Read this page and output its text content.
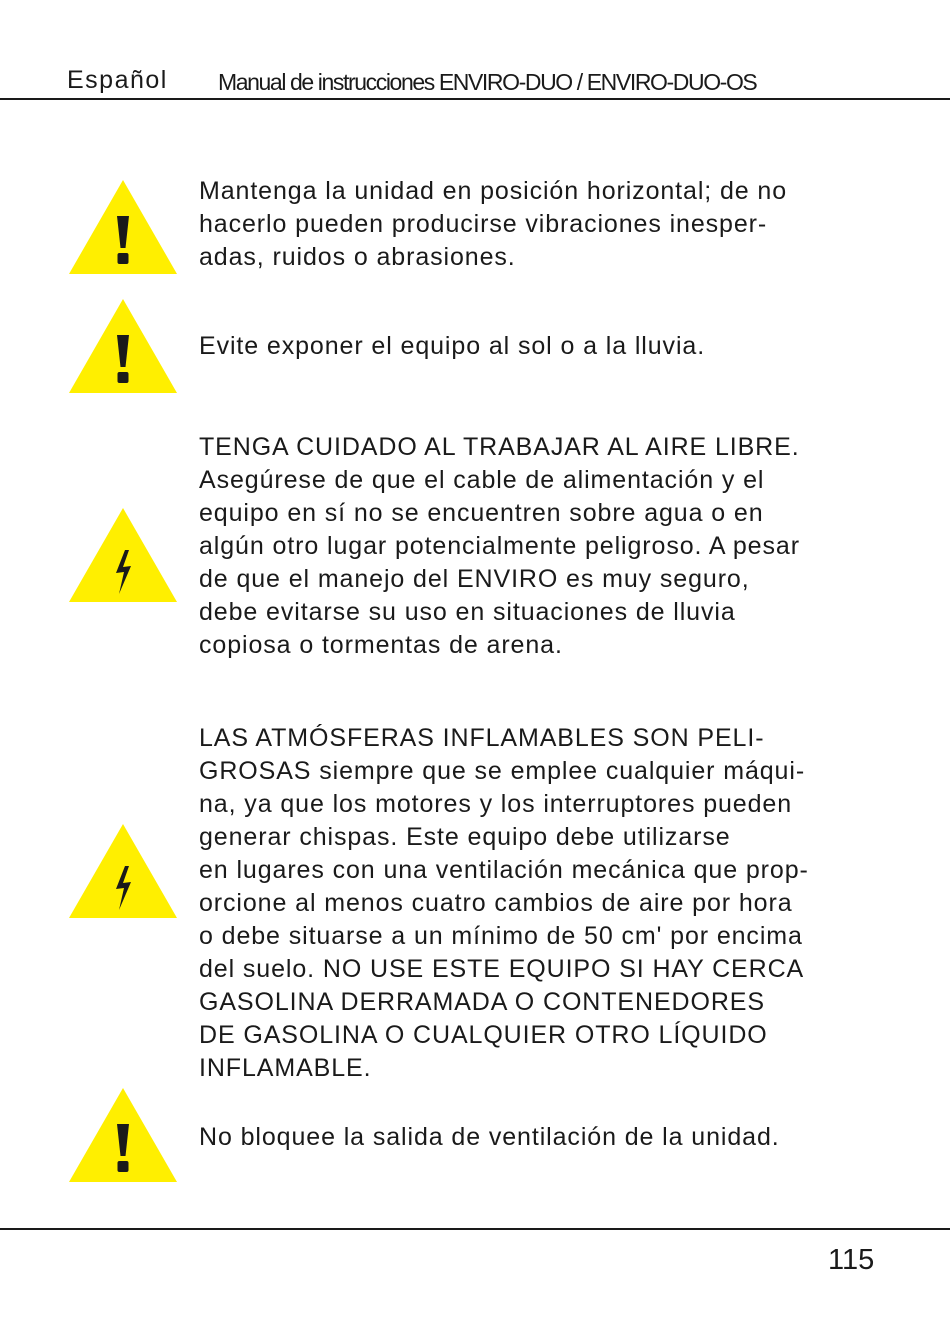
Español Manual de instrucciones ENVIRO-DUO / ENVIRO-DUO-OS

Mantenga la unidad en posición horizontal; de no
hacerlo pueden producirse vibraciones inesper-
adas, ruidos o abrasiones.

Evite exponer el equipo al sol o a la lluvia.

TENGA CUIDADO AL TRABAJAR AL AIRE LIBRE.
Asegúrese de que el cable de alimentación y el
equipo en sí no se encuentren sobre agua o en
algún otro lugar potencialmente peligroso. A pesar
de que el manejo del ENVIRO es muy seguro,
debe evitarse su uso en situaciones de lluvia
copiosa o tormentas de arena.

LAS ATMÓSFERAS INFLAMABLES SON PELI-
GROSAS siempre que se emplee cualquier máqui-
na, ya que los motores y los interruptores pueden
generar chispas. Este equipo debe utilizarse
en lugares con una ventilación mecánica que prop-
orcione al menos cuatro cambios de aire por hora
o debe situarse a un mínimo de 50 cm' por encima
del suelo. NO USE ESTE EQUIPO SI HAY CERCA
GASOLINA DERRAMADA O CONTENEDORES
DE GASOLINA O CUALQUIER OTRO LÍQUIDO
INFLAMABLE.

No bloquee la salida de ventilación de la unidad.

115
